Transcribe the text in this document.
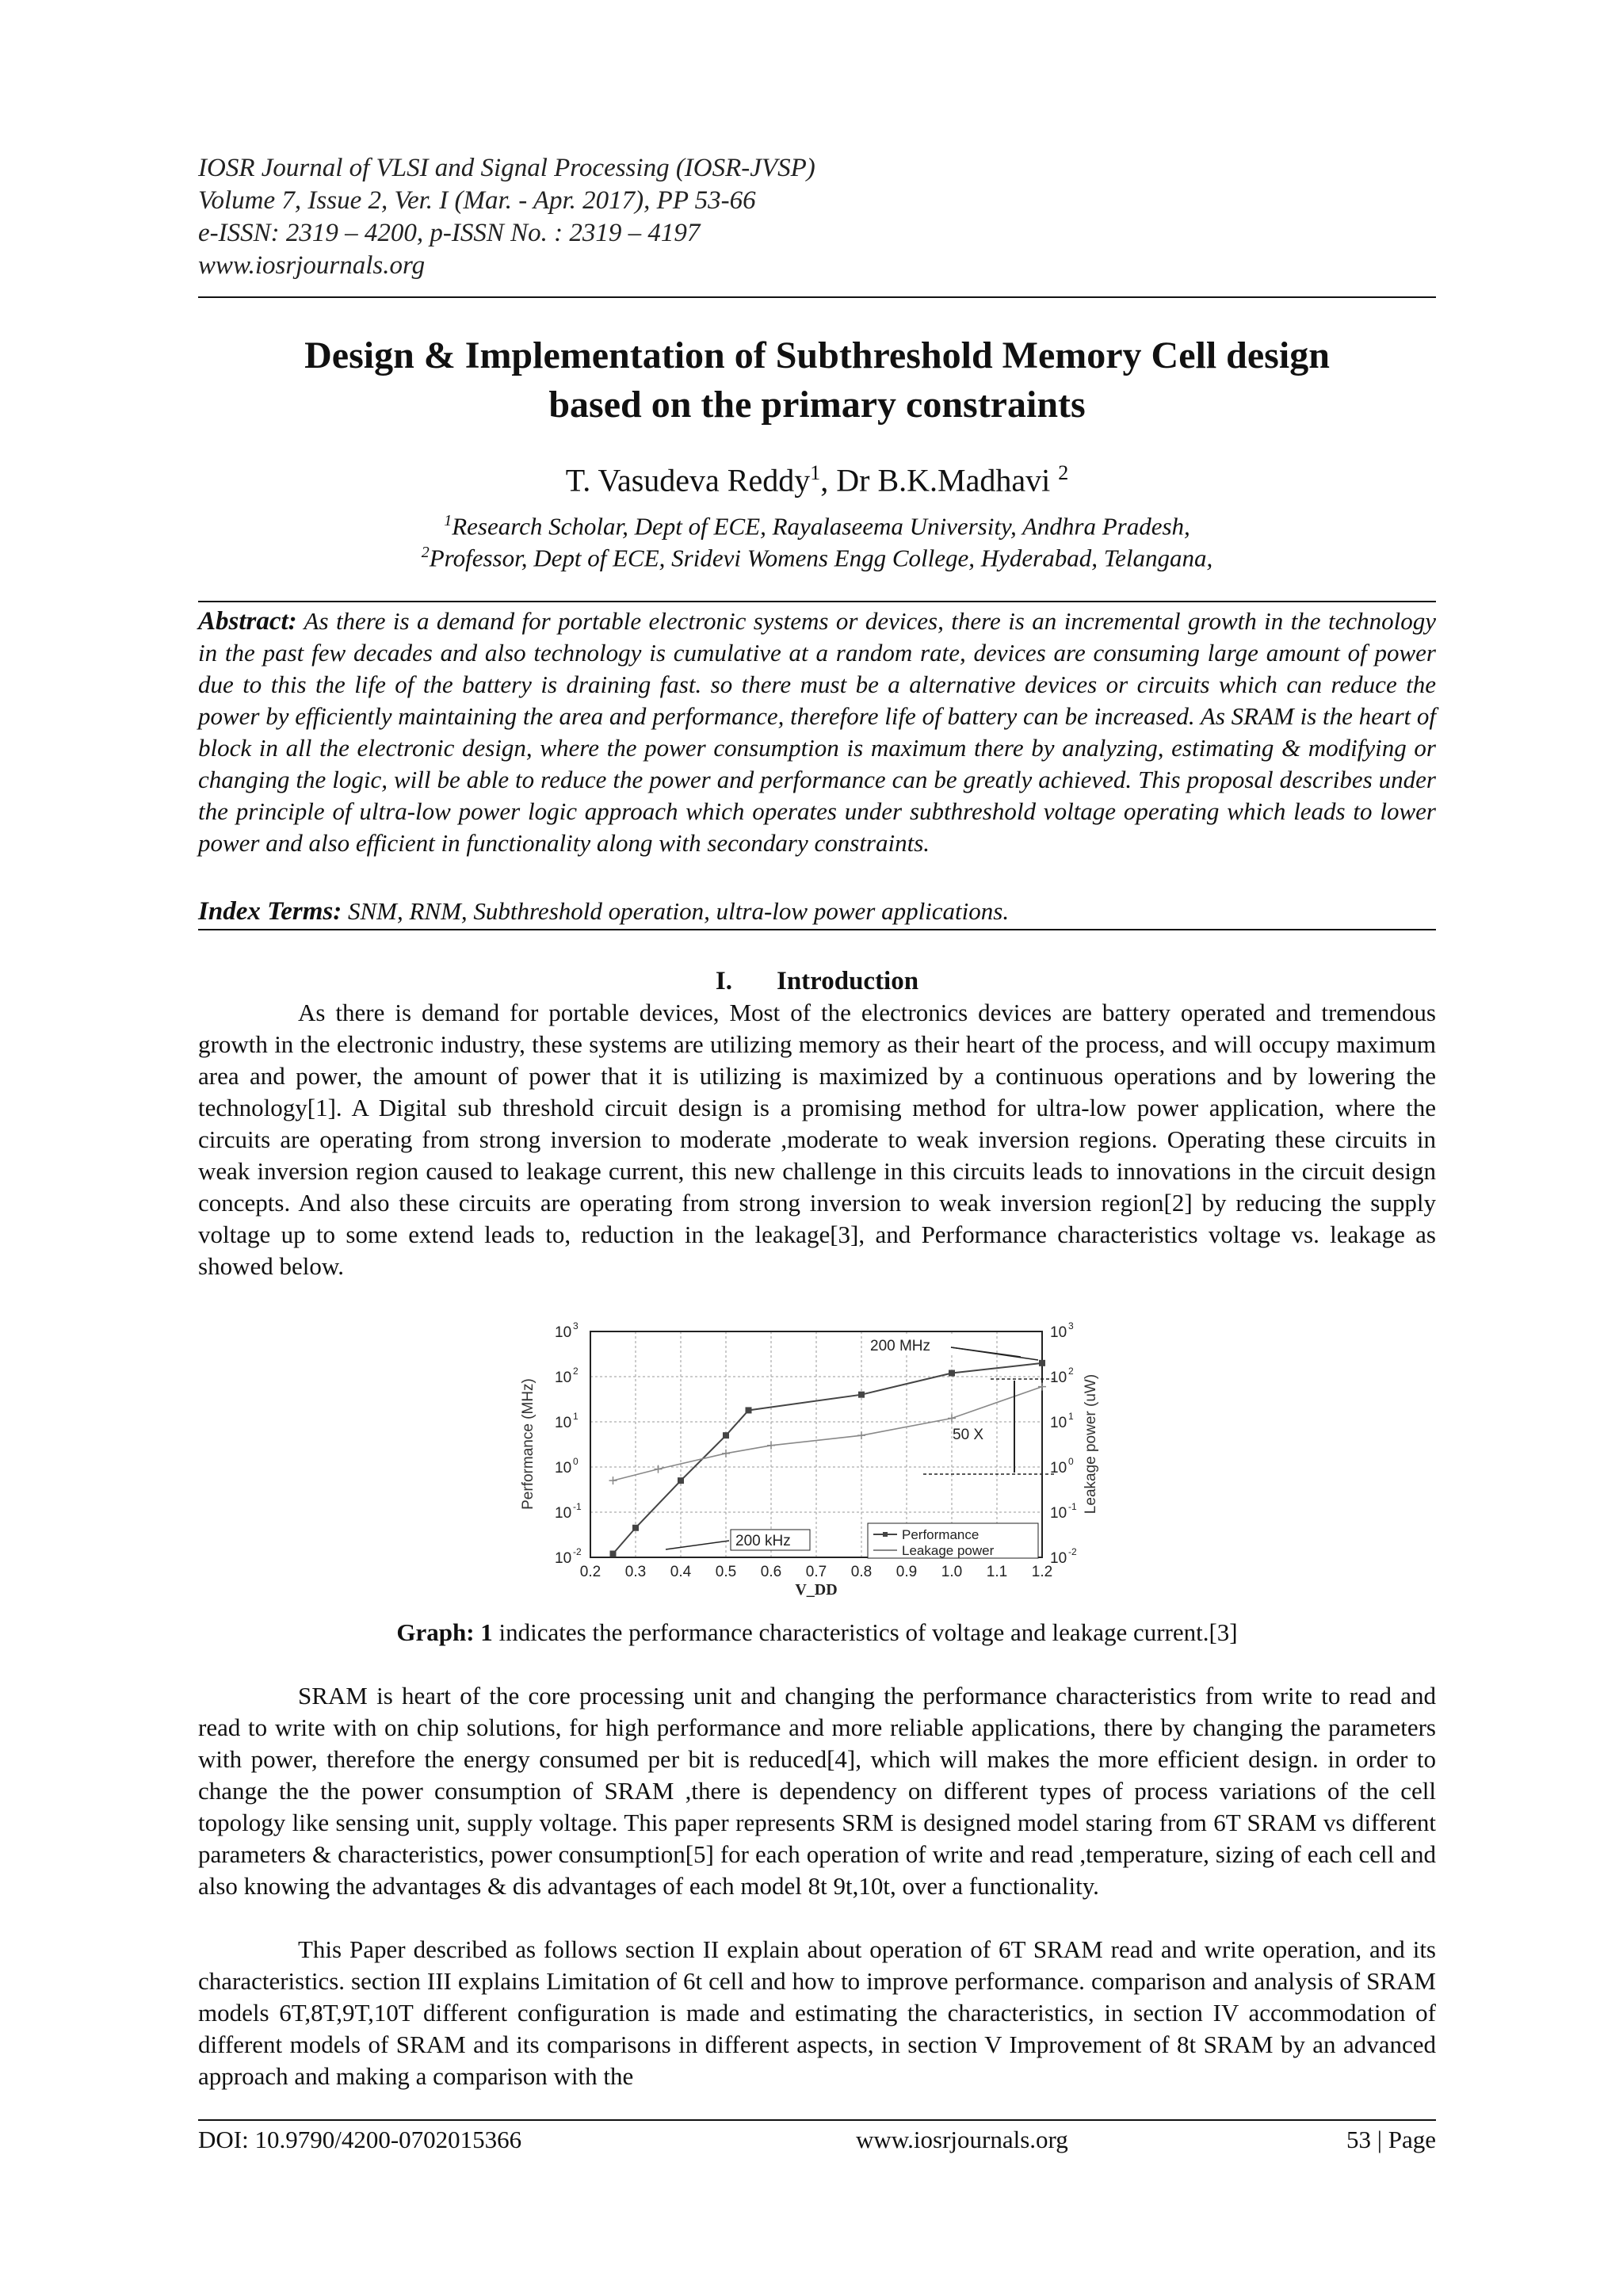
IOSR Journal of VLSI and Signal Processing (IOSR-JVSP)
Volume 7, Issue 2, Ver. I (Mar. - Apr. 2017), PP 53-66
e-ISSN: 2319 – 4200, p-ISSN No. : 2319 – 4197
www.iosrjournals.org
Design & Implementation of Subthreshold Memory Cell design
based on the primary constraints
T. Vasudeva Reddy$^1$, Dr B.K.Madhavi $^2$
$^1$Research Scholar, Dept of ECE, Rayalaseema University, Andhra Pradesh,
$^2$Professor, Dept of ECE, Sridevi Womens Engg College, Hyderabad, Telangana,
Abstract: As there is a demand for portable electronic systems or devices, there is an incremental growth in the technology in the past few decades and also technology is cumulative at a random rate, devices are consuming large amount of power due to this the life of the battery is draining fast. so there must be a alternative devices or circuits which can reduce the power by efficiently maintaining the area and performance, therefore life of battery can be increased. As SRAM is the heart of block in all the electronic design, where the power consumption is maximum there by analyzing, estimating & modifying or changing the logic, will be able to reduce the power and performance can be greatly achieved. This proposal describes under the principle of ultra-low power logic approach which operates under subthreshold voltage operating which leads to lower power and also efficient in functionality along with secondary constraints.
Index Terms: SNM, RNM, Subthreshold operation, ultra-low power applications.
I. Introduction

As there is demand for portable devices, Most of the electronics devices are battery operated and tremendous growth in the electronic industry, these systems are utilizing memory as their heart of the process, and will occupy maximum area and power, the amount of power that it is utilizing is maximized by a continuous operations and by lowering the technology[1]. A Digital sub threshold circuit design is a promising method for ultra-low power application, where the circuits are operating from strong inversion to moderate ,moderate to weak inversion regions. Operating these circuits in weak inversion region caused to leakage current, this new challenge in this circuits leads to innovations in the circuit design concepts. And also these circuits are operating from strong inversion to weak inversion region[2] by reducing the supply voltage up to some extend leads to, reduction in the leakage[3], and Performance characteristics voltage vs. leakage as showed below.

10 -2
10 -1
10 0
10 1
10 2
10 3
10 -2
10 -1
10 0
10 1
10 2
10 3
0.2 0.3 0.4 0.5 0.6 0.7 0.8 0.9 1.0 1.1 1.2
Performance (MHz)	Leakage power (uW)
200 MHz
200 kHz
50 X
Performance
Leakage power
V_DD
Graph: 1 indicates the performance characteristics of voltage and leakage current.[3]

SRAM is heart of the core processing unit and changing the performance characteristics from write to read and read to write with on chip solutions, for high performance and more reliable applications, there by changing the parameters with power, therefore the energy consumed per bit is reduced[4], which will makes the more efficient design. in order to change the the power consumption of SRAM ,there is dependency on different types of process variations of the cell topology like sensing unit, supply voltage. This paper represents SRM is designed model staring from 6T SRAM vs different parameters & characteristics, power consumption[5] for each operation of write and read ,temperature, sizing of each cell and also knowing the advantages & dis advantages of each model 8t 9t,10t, over a functionality.

This Paper described as follows section II explain about operation of 6T SRAM read and write operation, and its characteristics. section III explains Limitation of 6t cell and how to improve performance. comparison and analysis of SRAM models 6T,8T,9T,10T different configuration is made and estimating the characteristics, in section IV accommodation of different models of SRAM and its comparisons in different aspects, in section V Improvement of 8t SRAM by an advanced approach and making a comparison with the

DOI: 10.9790/4200-0702015366	www.iosrjournals.org	53 | Page
